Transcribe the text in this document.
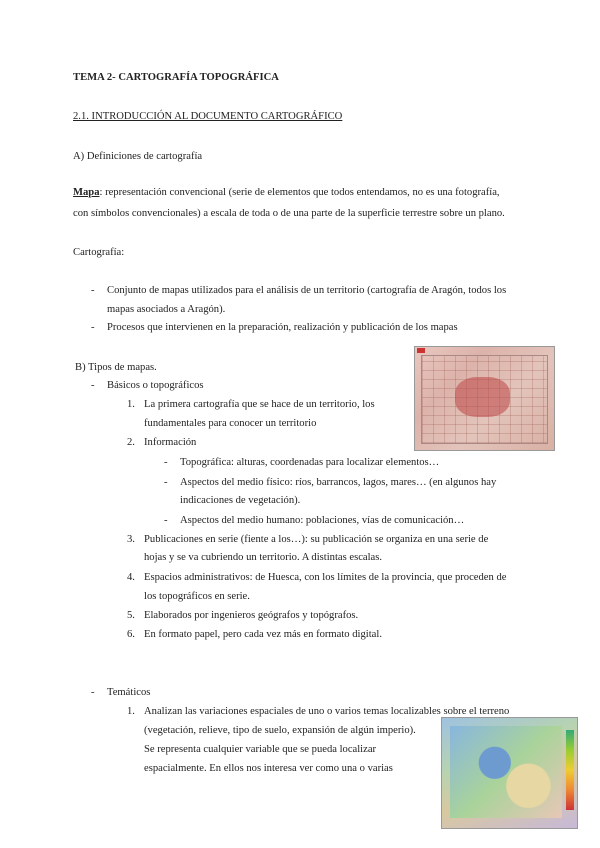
TEMA 2- CARTOGRAFÍA TOPOGRÁFICA
2.1. INTRODUCCIÓN AL DOCUMENTO CARTOGRÁFICO
A) Definiciones de cartografía
Mapa: representación convencional (serie de elementos que todos entendamos, no es una fotografía,
con símbolos convencionales) a escala de toda o de una parte de la superficie terrestre sobre un plano.
Cartografía:
- Conjunto de mapas utilizados para el análisis de un territorio (cartografía de Aragón, todos los
mapas asociados a Aragón).
- Procesos que intervienen en la preparación, realización y publicación de los mapas
B) Tipos de mapas.
- Básicos o topográficos
1. La primera cartografía que se hace de un territorio, los
fundamentales para conocer un territorio
2. Información
- Topográfica: alturas, coordenadas para localizar elementos…
- Aspectos del medio físico: ríos, barrancos, lagos, mares… (en algunos hay
indicaciones de vegetación).
- Aspectos del medio humano: poblaciones, vías de comunicación…
3. Publicaciones en serie (fiente a los…): su publicación se organiza en una serie de
hojas y se va cubriendo un territorio. A distintas escalas.
4. Espacios administrativos: de Huesca, con los límites de la provincia, que proceden de
los topográficos en serie.
5. Elaborados por ingenieros geógrafos y topógrafos.
6. En formato papel, pero cada vez más en formato digital.
- Temáticos
1. Analizan las variaciones espaciales de uno o varios temas localizables sobre el terreno
(vegetación, relieve, tipo de suelo, expansión de algún imperio).
Se representa cualquier variable que se pueda localizar
espacialmente. En ellos nos interesa ver como una o varias
